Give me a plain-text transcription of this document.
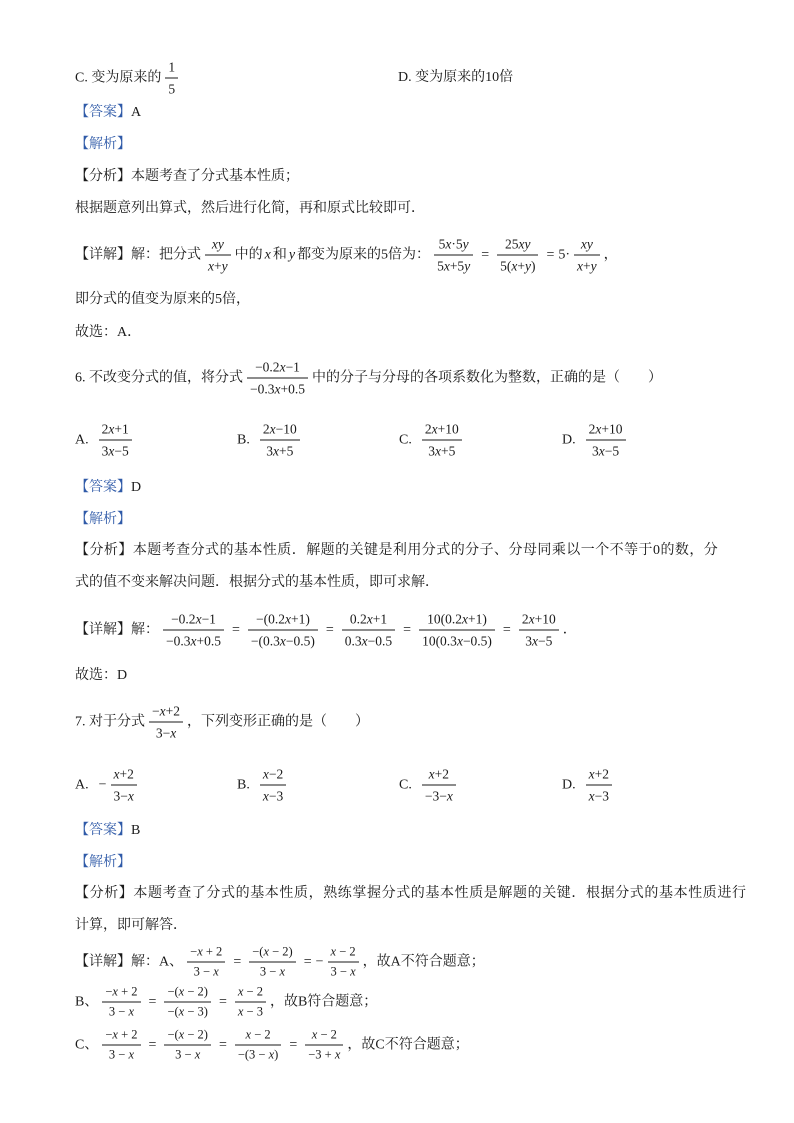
C. 变为原来的 $\frac{1}{5}$	D. 变为原来的10倍
【答案】 A
【解析】
【分析】 本题考查了分式基本性质；
根据题意列出算式，然后进行化简，再和原式比较即可．
【详解】 解：把分式 $\frac{xy}{x+y}$ 中的 x 和 y 都变为原来的5倍为： $\frac{5x\cdot 5y}{5x+5y} = \frac{25xy}{5(x+y)} = 5\cdot \frac{xy}{x+y}$ ，
即分式的值变为原来的5倍，
故选：A．
6. 不改变分式的值，将分式 $\frac{-0.2x-1}{-0.3x+0.5}$ 中的分子与分母的各项系数化为整数，正确的是（　　）
A. $\frac{2x+1}{3x-5}$	B. $\frac{2x-10}{3x+5}$	C. $\frac{2x+10}{3x+5}$	D. $\frac{2x+10}{3x-5}$
【答案】 D
【解析】
【分析】 本题考查分式的基本性质．解题的关键是利用分式的分子、分母同乘以一个不等于0的数，分
式的值不变来解决问题．根据分式的基本性质，即可求解．
【详解】 解： $\frac{-0.2x-1}{-0.3x+0.5} = \frac{-(0.2x+1)}{-(0.3x-0.5)} = \frac{0.2x+1}{0.3x-0.5} = \frac{10(0.2x+1)}{10(0.3x-0.5)} = \frac{2x+10}{3x-5}$ ．
故选：D
7. 对于分式 $\frac{-x+2}{3-x}$ ，下列变形正确的是（　　）
A. − $\frac{x+2}{3-x}$	B. $\frac{x-2}{x-3}$	C. $\frac{x+2}{-3-x}$	D. $\frac{x+2}{x-3}$
【答案】 B
【解析】
【分析】 本题考查了分式的基本性质，熟练掌握分式的基本性质是解题的关键．根据分式的基本性质进行
计算，即可解答．
【详解】 解： A、 $\frac{-x + 2}{3 - x} = \frac{-(x - 2)}{3 - x}$ = − $\frac{x - 2}{3 - x}$ ，故A不符合题意；
B、 $\frac{-x + 2}{3 - x} = \frac{-(x - 2)}{-(x - 3)} = \frac{x - 2}{x - 3}$ ，故B符合题意；
C、 $\frac{-x + 2}{3 - x} = \frac{-(x - 2)}{3 - x} = \frac{x - 2}{-(3 - x)} = \frac{x - 2}{-3 + x}$ ，故C不符合题意；
